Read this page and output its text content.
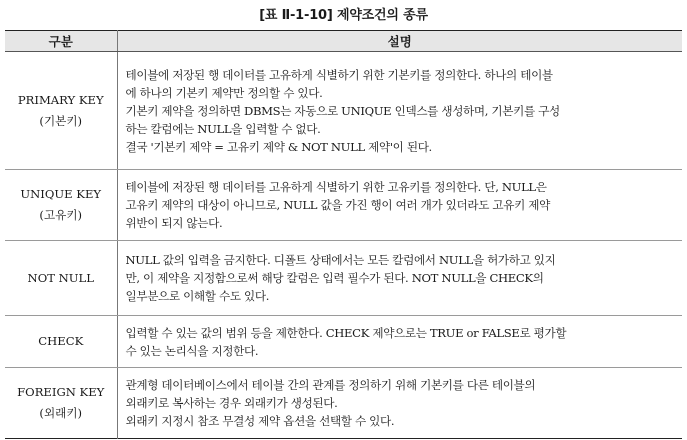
[표 Ⅱ-1-10] 제약조건의 종류
구분	설명

PRIMARY KEY
(기본키)	테이블에 저장된 행 데이터를 고유하게 식별하기 위한 기본키를 정의한다. 하나의 테이블
에 하나의 기본키 제약만 정의할 수 있다.
기본키 제약을 정의하면 DBMS는 자동으로 UNIQUE 인덱스를 생성하며, 기본키를 구성
하는 칼럼에는 NULL을 입력할 수 없다.
결국 '기본키 제약 = 고유키 제약 & NOT NULL 제약'이 된다.

UNIQUE KEY
(고유키)	테이블에 저장된 행 데이터를 고유하게 식별하기 위한 고유키를 정의한다. 단, NULL은
고유키 제약의 대상이 아니므로, NULL 값을 가진 행이 여러 개가 있더라도 고유키 제약
위반이 되지 않는다.

NOT NULL	NULL 값의 입력을 금지한다. 디폴트 상태에서는 모든 칼럼에서 NULL을 허가하고 있지
만, 이 제약을 지정함으로써 해당 칼럼은 입력 필수가 된다. NOT NULL을 CHECK의
일부분으로 이해할 수도 있다.

CHECK	입력할 수 있는 값의 범위 등을 제한한다. CHECK 제약으로는 TRUE or FALSE로 평가할
수 있는 논리식을 지정한다.

FOREIGN KEY
(외래키)	관계형 데이터베이스에서 테이블 간의 관계를 정의하기 위해 기본키를 다른 테이블의
외래키로 복사하는 경우 외래키가 생성된다.
외래키 지정시 참조 무결성 제약 옵션을 선택할 수 있다.
